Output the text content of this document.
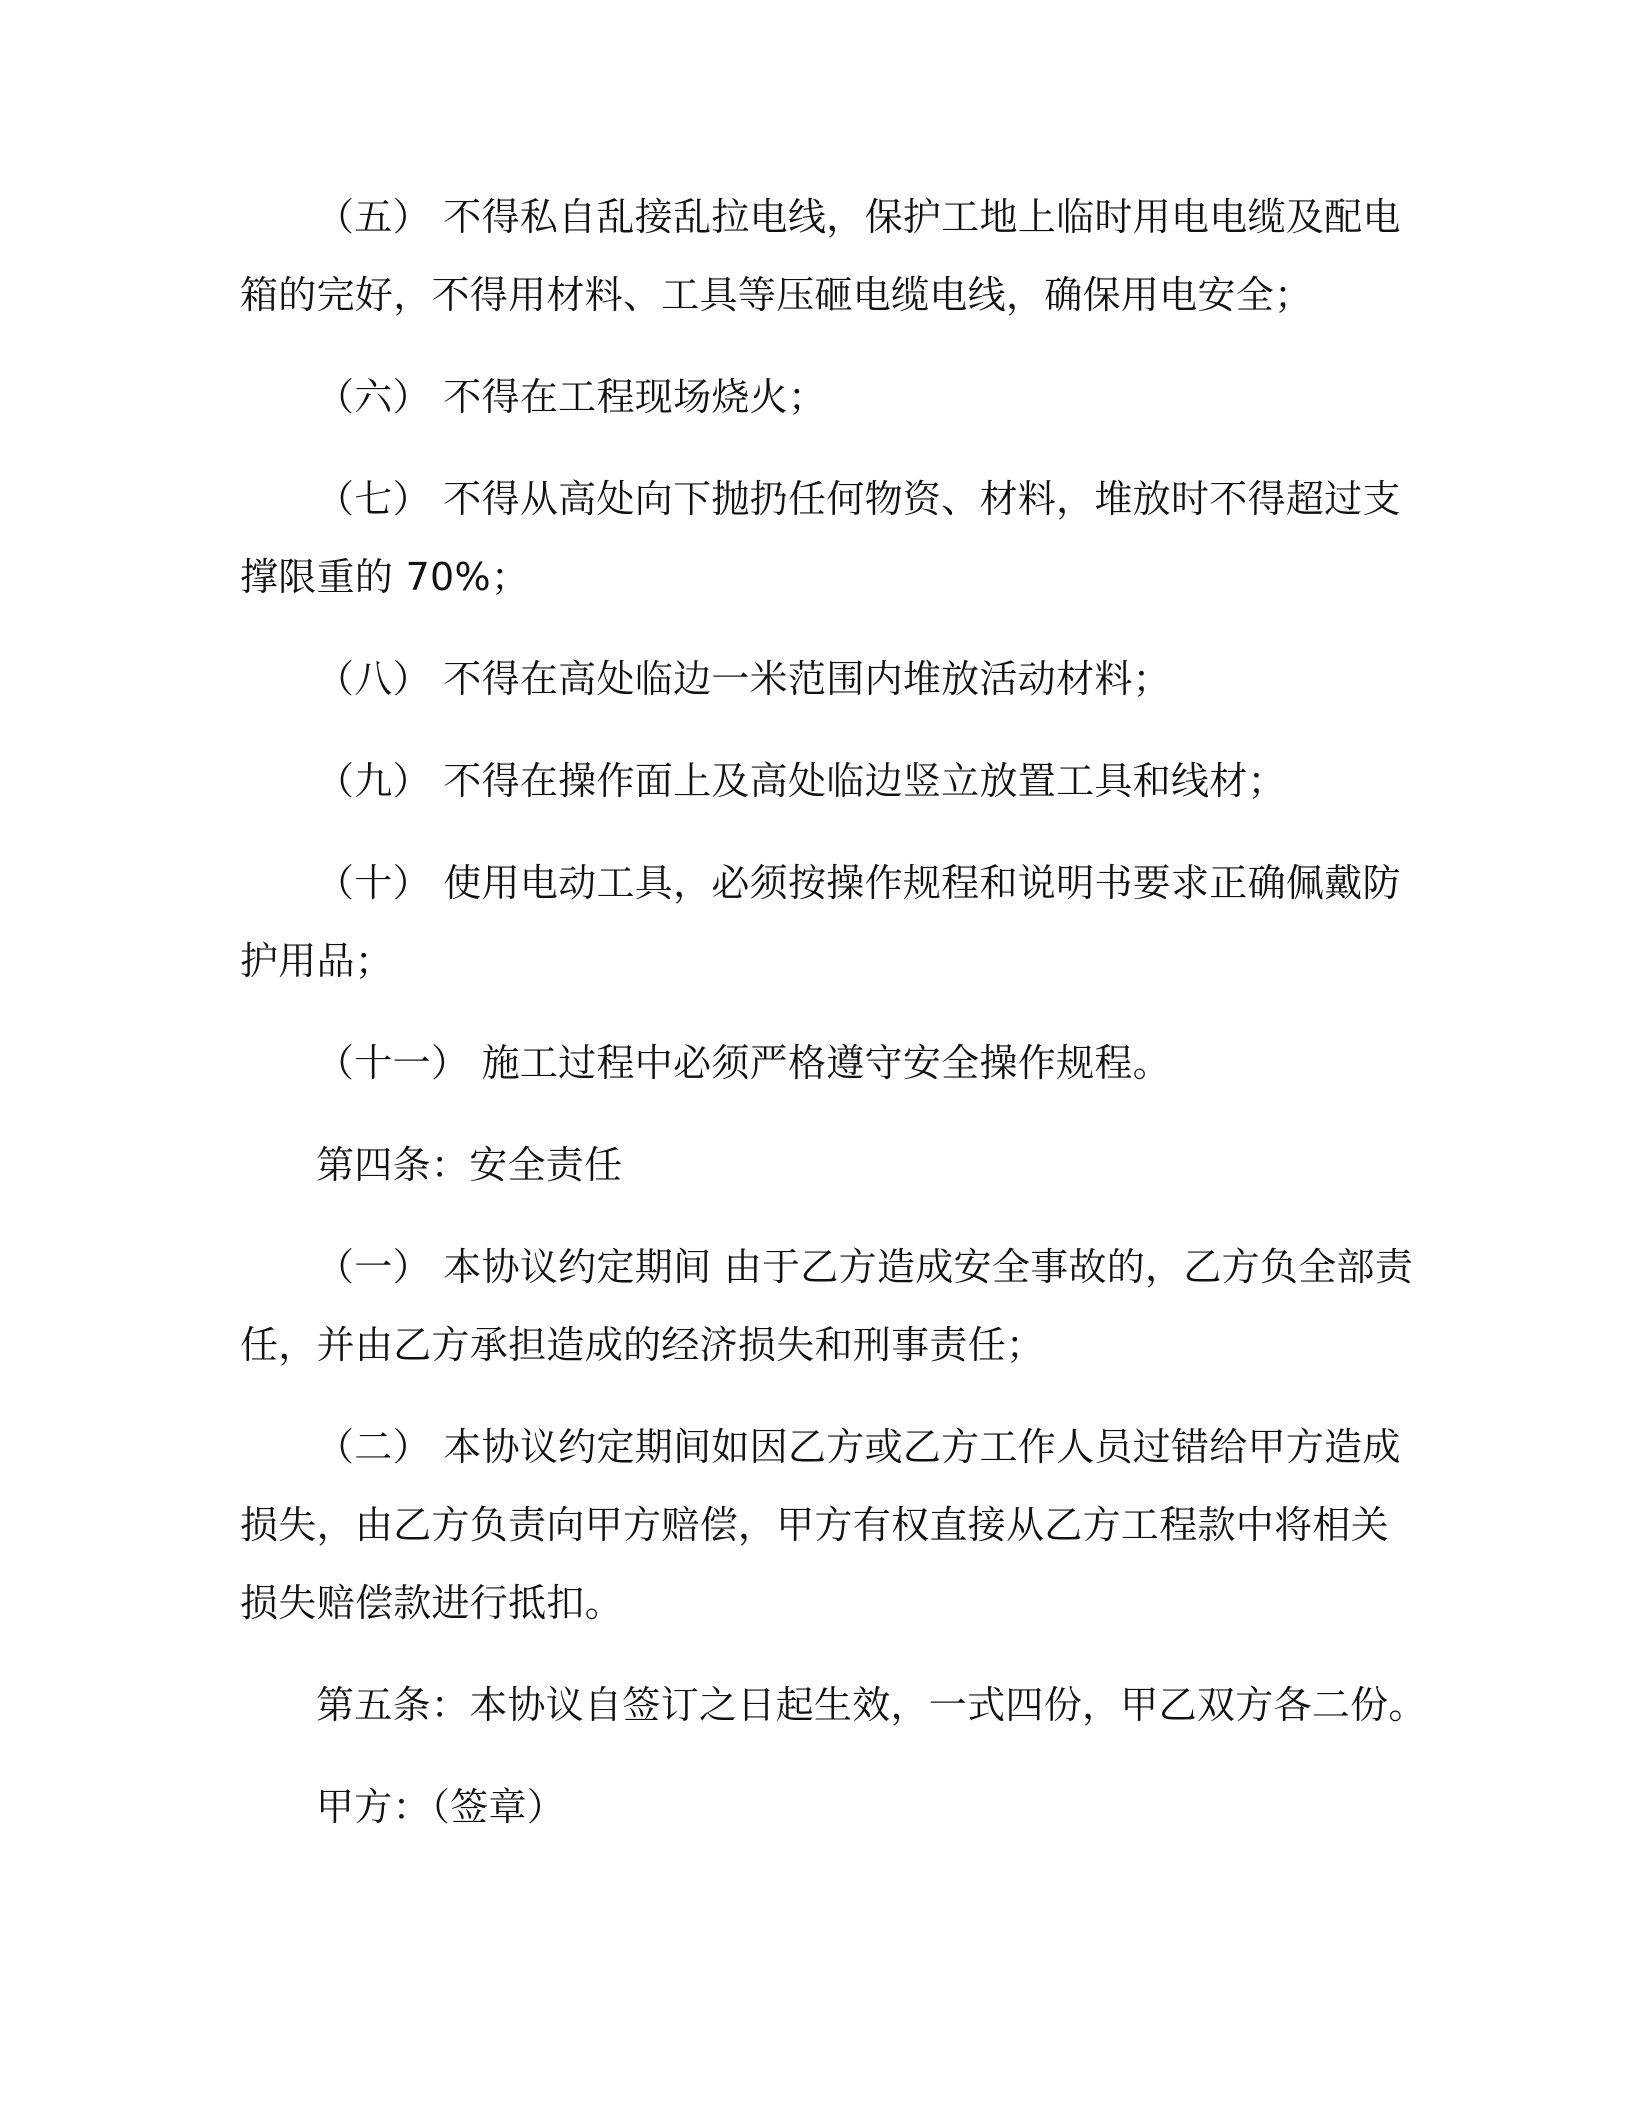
（五） 不得私自乱接乱拉电线，保护工地上临时用电电缆及配电
箱的完好，不得用材料、工具等压砸电缆电线，确保用电安全；
（六） 不得在工程现场烧火；
（七） 不得从高处向下抛扔任何物资、材料，堆放时不得超过支
撑限重的 70%；
（八） 不得在高处临边一米范围内堆放活动材料；
（九） 不得在操作面上及高处临边竖立放置工具和线材；
（十） 使用电动工具，必须按操作规程和说明书要求正确佩戴防
护用品；
（十一） 施工过程中必须严格遵守安全操作规程。
第四条：安全责任
（一） 本协议约定期间 由于乙方造成安全事故的，乙方负全部责
任，并由乙方承担造成的经济损失和刑事责任；
（二） 本协议约定期间如因乙方或乙方工作人员过错给甲方造成
损失，由乙方负责向甲方赔偿，甲方有权直接从乙方工程款中将相关
损失赔偿款进行抵扣。
第五条：本协议自签订之日起生效，一式四份，甲乙双方各二份。
甲方：（签章）
